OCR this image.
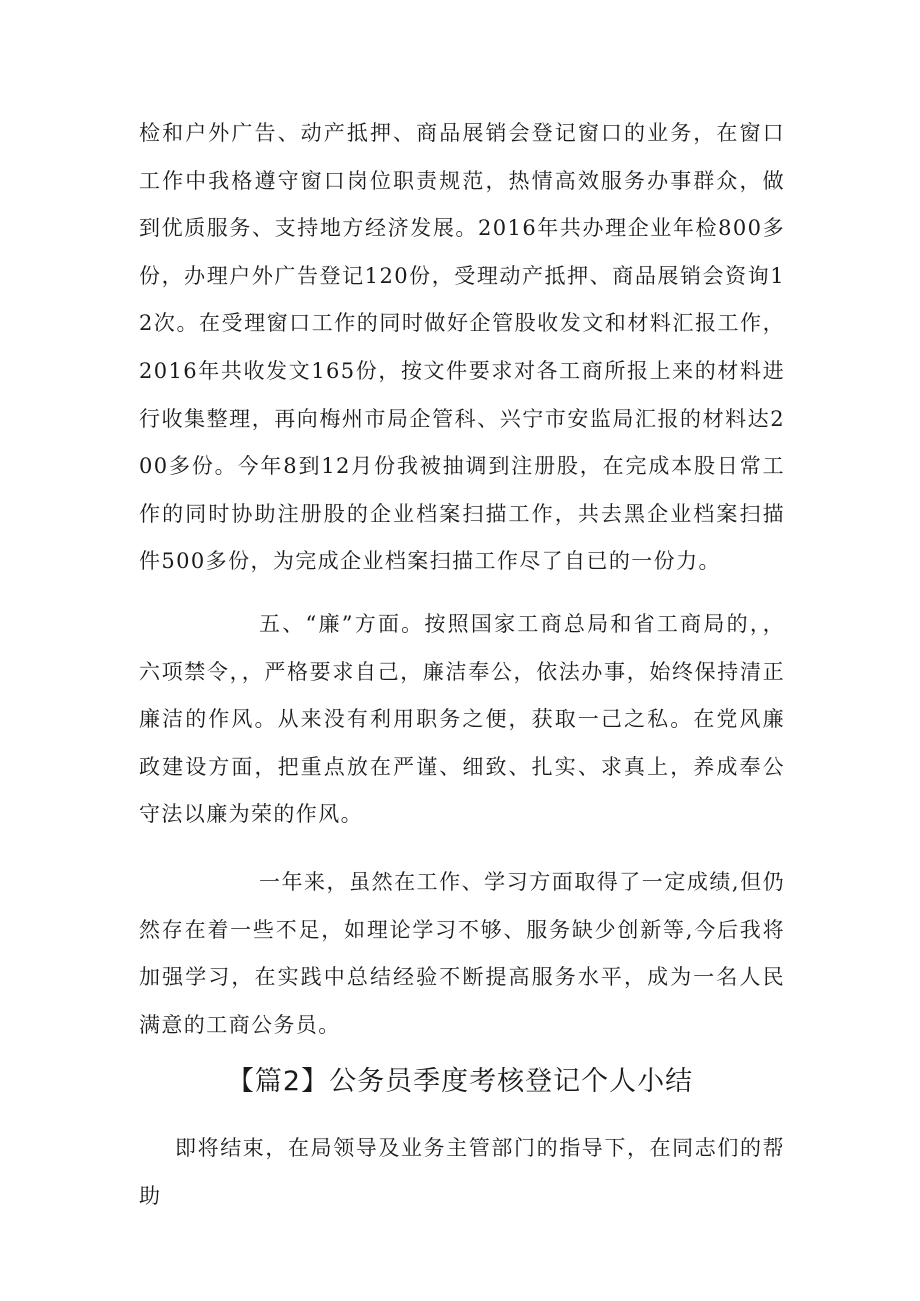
检和户外广告、动产抵押、商品展销会登记窗口的业务，在窗口工作中我格遵守窗口岗位职责规范，热情高效服务办事群众，做到优质服务、支持地方经济发展。2016年共办理企业年检800多份，办理户外广告登记120份，受理动产抵押、商品展销会资询12次。在受理窗口工作的同时做好企管股收发文和材料汇报工作，2016年共收发文165份，按文件要求对各工商所报上来的材料进行收集整理，再向梅州市局企管科、兴宁市安监局汇报的材料达200多份。今年8到12月份我被抽调到注册股，在完成本股日常工作的同时协助注册股的企业档案扫描工作，共去黑企业档案扫描件500多份，为完成企业档案扫描工作尽了自已的一份力。

五、“廉”方面。按照国家工商总局和省工商局的，，六项禁令，，严格要求自己，廉洁奉公，依法办事，始终保持清正廉洁的作风。从来没有利用职务之便，获取一己之私。在党风廉政建设方面，把重点放在严谨、细致、扎实、求真上，养成奉公守法以廉为荣的作风。

一年来，虽然在工作、学习方面取得了一定成绩,但仍然存在着一些不足，如理论学习不够、服务缺少创新等,今后我将加强学习，在实践中总结经验不断提高服务水平，成为一名人民满意的工商公务员。

【篇2】公务员季度考核登记个人小结

即将结束，在局领导及业务主管部门的指导下，在同志们的帮助
